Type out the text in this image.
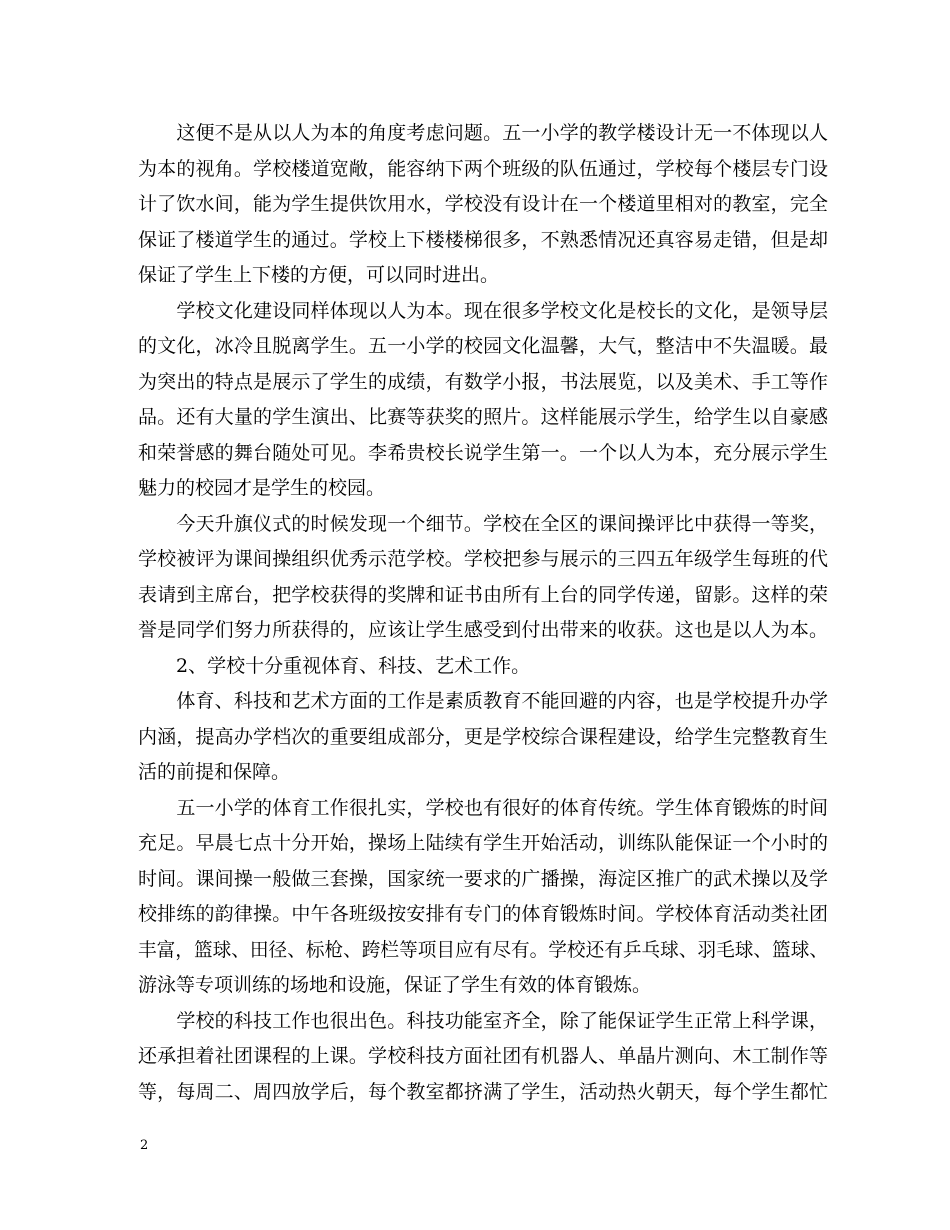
　　这便不是从以人为本的角度考虑问题。五一小学的教学楼设计无一不体现以人
为本的视角。学校楼道宽敞，能容纳下两个班级的队伍通过，学校每个楼层专门设
计了饮水间，能为学生提供饮用水，学校没有设计在一个楼道里相对的教室，完全
保证了楼道学生的通过。学校上下楼楼梯很多，不熟悉情况还真容易走错，但是却
保证了学生上下楼的方便，可以同时进出。
　　学校文化建设同样体现以人为本。现在很多学校文化是校长的文化，是领导层
的文化，冰冷且脱离学生。五一小学的校园文化温馨，大气，整洁中不失温暖。最
为突出的特点是展示了学生的成绩，有数学小报，书法展览，以及美术、手工等作
品。还有大量的学生演出、比赛等获奖的照片。这样能展示学生，给学生以自豪感
和荣誉感的舞台随处可见。李希贵校长说学生第一。一个以人为本，充分展示学生
魅力的校园才是学生的校园。
　　今天升旗仪式的时候发现一个细节。学校在全区的课间操评比中获得一等奖，
学校被评为课间操组织优秀示范学校。学校把参与展示的三四五年级学生每班的代
表请到主席台，把学校获得的奖牌和证书由所有上台的同学传递，留影。这样的荣
誉是同学们努力所获得的，应该让学生感受到付出带来的收获。这也是以人为本。
　　2、学校十分重视体育、科技、艺术工作。
　　体育、科技和艺术方面的工作是素质教育不能回避的内容，也是学校提升办学
内涵，提高办学档次的重要组成部分，更是学校综合课程建设，给学生完整教育生
活的前提和保障。
　　五一小学的体育工作很扎实，学校也有很好的体育传统。学生体育锻炼的时间
充足。早晨七点十分开始，操场上陆续有学生开始活动，训练队能保证一个小时的
时间。课间操一般做三套操，国家统一要求的广播操，海淀区推广的武术操以及学
校排练的韵律操。中午各班级按安排有专门的体育锻炼时间。学校体育活动类社团
丰富，篮球、田径、标枪、跨栏等项目应有尽有。学校还有乒乓球、羽毛球、篮球、
游泳等专项训练的场地和设施，保证了学生有效的体育锻炼。
　　学校的科技工作也很出色。科技功能室齐全，除了能保证学生正常上科学课，
还承担着社团课程的上课。学校科技方面社团有机器人、单晶片测向、木工制作等
等，每周二、周四放学后，每个教室都挤满了学生，活动热火朝天，每个学生都忙
2
